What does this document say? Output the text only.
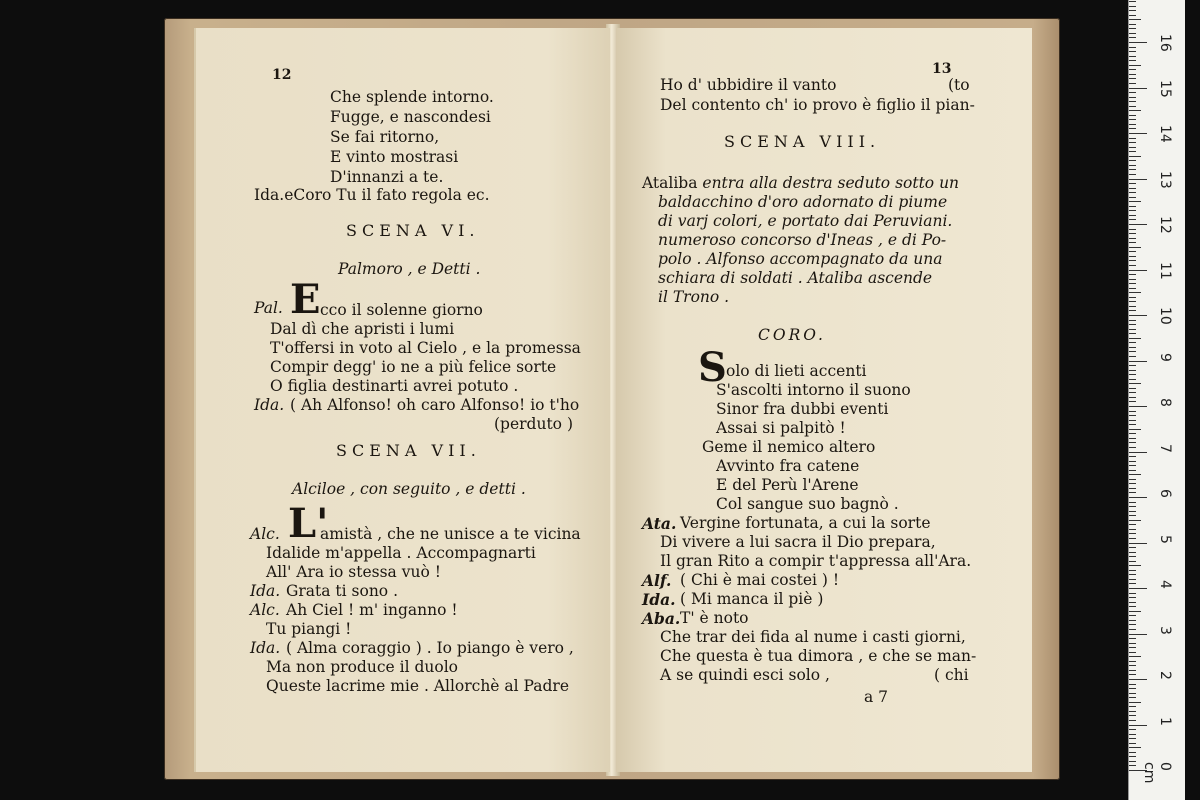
12
Che splende intorno.
Fugge, e nascondesi
Se fai ritorno,
E vinto mostrasi
D'innanzi a te.
Ida.eCoro Tu il fato regola ec.
SCENA VI.
Palmoro , e Detti .
Pal. E cco il solenne giorno
Dal dì che apristi i lumi
T'offersi in voto al Cielo , e la promessa
Compir degg' io ne a più felice sorte
O figlia destinarti avrei potuto .
Ida. ( Ah Alfonso! oh caro Alfonso! io t'ho
(perduto )
SCENA VII.
Alciloe , con seguito , e detti .
Alc. L'
amistà , che ne unisce a te vicina
Idalide m'appella . Accompagnarti
All' Ara io stessa vuò !
Ida. Grata ti sono .
Alc. Ah Ciel ! m' inganno !
Tu piangi !
Ida. ( Alma coraggio ) . Io piango è vero ,
Ma non produce il duolo
Queste lacrime mie . Allorchè al Padre
13
Ho d' ubbidire il vanto	(to
Del contento ch' io provo è figlio il pian-
SCENA VIII.
Ataliba entra alla destra seduto sotto un
baldacchino d'oro adornato di piume
di varj colori, e portato dai Peruviani.
numeroso concorso d'Ineas , e di Po-
polo . Alfonso accompagnato da una
schiara di soldati . Ataliba ascende
il Trono .
CORO.
S olo di lieti accenti
S'ascolti intorno il suono
Sinor fra dubbi eventi
Assai si palpitò !
Geme il nemico altero
Avvinto fra catene
E del Perù l'Arene
Col sangue suo bagnò .
Ata. Vergine fortunata, a cui la sorte
Di vivere a lui sacra il Dio prepara,
Il gran Rito a compir t'appressa all'Ara.
Alf. ( Chi è mai costei ) !
Ida. ( Mi manca il piè )
Aba. T' è noto
Che trar dei fida al nume i casti giorni,
Che questa è tua dimora , e che se man-
A se quindi esci solo ,	( chi
a 7
16
15
14
13
12
11
10
9
8
7
6
5
4
3
2
1
0 cm
